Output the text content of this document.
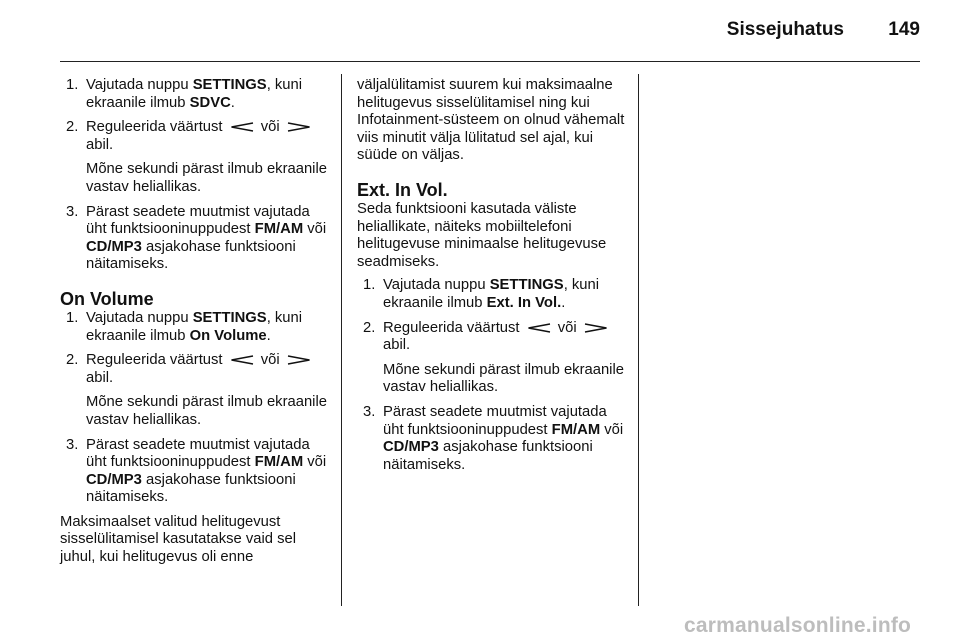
Sissejuhatus 149
1. Vajutada nuppu SETTINGS, kuni ekraanile ilmub SDVC.
2. Reguleerida väärtust  või  abil.
Mõne sekundi pärast ilmub ekraanile vastav heliallikas.
3. Pärast seadete muutmist vajutada üht funktsiooninuppudest FM/AM või CD/MP3 asjakohase funktsiooni näitamiseks.
On Volume
1. Vajutada nuppu SETTINGS, kuni ekraanile ilmub On Volume.
2. Reguleerida väärtust  või  abil.
Mõne sekundi pärast ilmub ekraanile vastav heliallikas.
3. Pärast seadete muutmist vajutada üht funktsiooninuppudest FM/AM või CD/MP3 asjakohase funktsiooni näitamiseks.

Maksimaalset valitud helitugevust sisselülitamisel kasutatakse vaid sel juhul, kui helitugevus oli enne

väljalülitamist suurem kui maksimaalne helitugevus sisselülitamisel ning kui Infotainment-süsteem on olnud vähemalt viis minutit välja lülitatud sel ajal, kui süüde on väljas.

Ext. In Vol.

Seda funktsiooni kasutada väliste heliallikate, näiteks mobiiltelefoni helitugevuse minimaalse helitugevuse seadmiseks.

1. Vajutada nuppu SETTINGS, kuni ekraanile ilmub Ext. In Vol..
2. Reguleerida väärtust  või  abil.
Mõne sekundi pärast ilmub ekraanile vastav heliallikas.
3. Pärast seadete muutmist vajutada üht funktsiooninuppudest FM/AM või CD/MP3 asjakohase funktsiooni näitamiseks.
carmanualsonline.info
